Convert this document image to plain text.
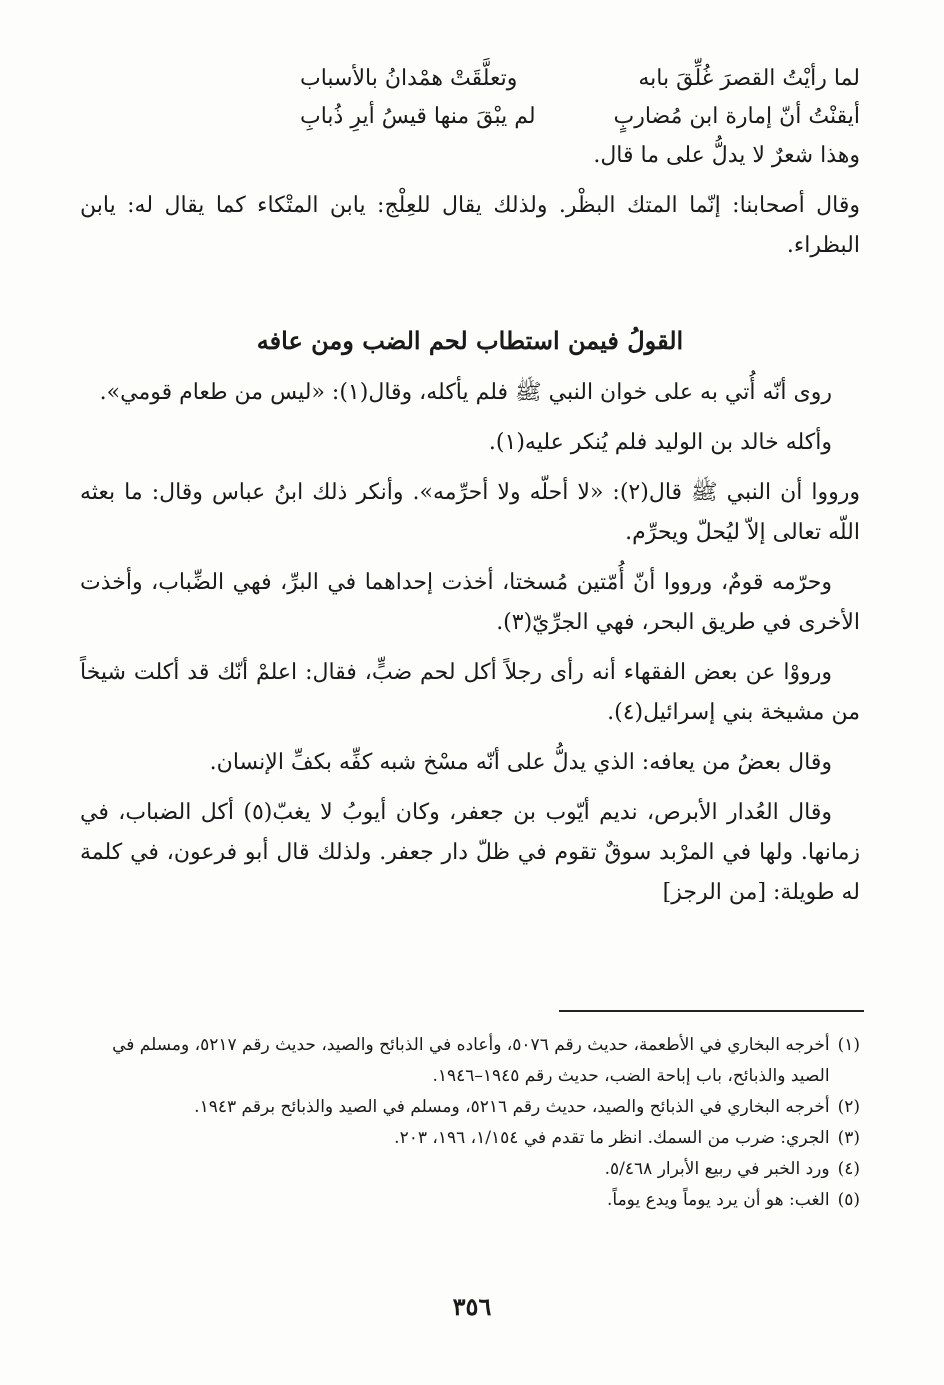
لما رأيْتُ القصرَ غُلِّقَ بابه
وتعلَّقَتْ همْدانُ بالأسباب
أيقنْتُ أنّ إمارة ابن مُضاربٍ
لم يبْقَ منها قيسُ أيرِ ذُبابِ

وهذا شعرٌ لا يدلُّ على ما قال.

وقال أصحابنا: إنّما المتك البظْر. ولذلك يقال للعِلْج: يابن المتْكاء كما يقال له: يابن البظراء.

القولُ فيمن استطاب لحم الضب ومن عافه

روى أنّه أُتي به على خوان النبي ﷺ فلم يأكله، وقال(١): «ليس من طعام قومي».

وأكله خالد بن الوليد فلم يُنكر عليه(١).

ورووا أن النبي ﷺ قال(٢): «لا أحلّه ولا أحرِّمه». وأنكر ذلك ابنُ عباس وقال: ما بعثه اللّه تعالى إلاّ ليُحلّ ويحرِّم.

وحرّمه قومٌ، ورووا أنّ أُمّتين مُسختا، أخذت إحداهما في البرِّ، فهي الضِّباب، وأخذت الأخرى في طريق البحر، فهي الجرِّيّ(٣).

ورووْا عن بعض الفقهاء أنه رأى رجلاً أكل لحم ضبٍّ، فقال: اعلمْ أنّك قد أكلت شيخاً من مشيخة بني إسرائيل(٤).

وقال بعضُ من يعافه: الذي يدلُّ على أنّه مسْخ شبه كفِّه بكفِّ الإنسان.

وقال العُدار الأبرص، نديم أيّوب بن جعفر، وكان أيوبُ لا يغبّ(٥) أكل الضباب، في زمانها. ولها في المرْبد سوقٌ تقوم في ظلّ دار جعفر. ولذلك قال أبو فرعون، في كلمة له طويلة: [من الرجز]

(١)
أخرجه البخاري في الأطعمة، حديث رقم ٥٠٧٦، وأعاده في الذبائح والصيد، حديث رقم ٥٢١٧، ومسلم في الصيد والذبائح، باب إباحة الضب، حديث رقم ١٩٤٥–١٩٤٦.
(٢)
أخرجه البخاري في الذبائح والصيد، حديث رقم ٥٢١٦، ومسلم في الصيد والذبائح برقم ١٩٤٣.
(٣)
الجري: ضرب من السمك. انظر ما تقدم في ١/١٥٤، ١٩٦، ٢٠٣.
(٤)
ورد الخبر في ربيع الأبرار ٥/٤٦٨.
(٥)
الغب: هو أن يرد يوماً ويدع يوماً.
٣٥٦
